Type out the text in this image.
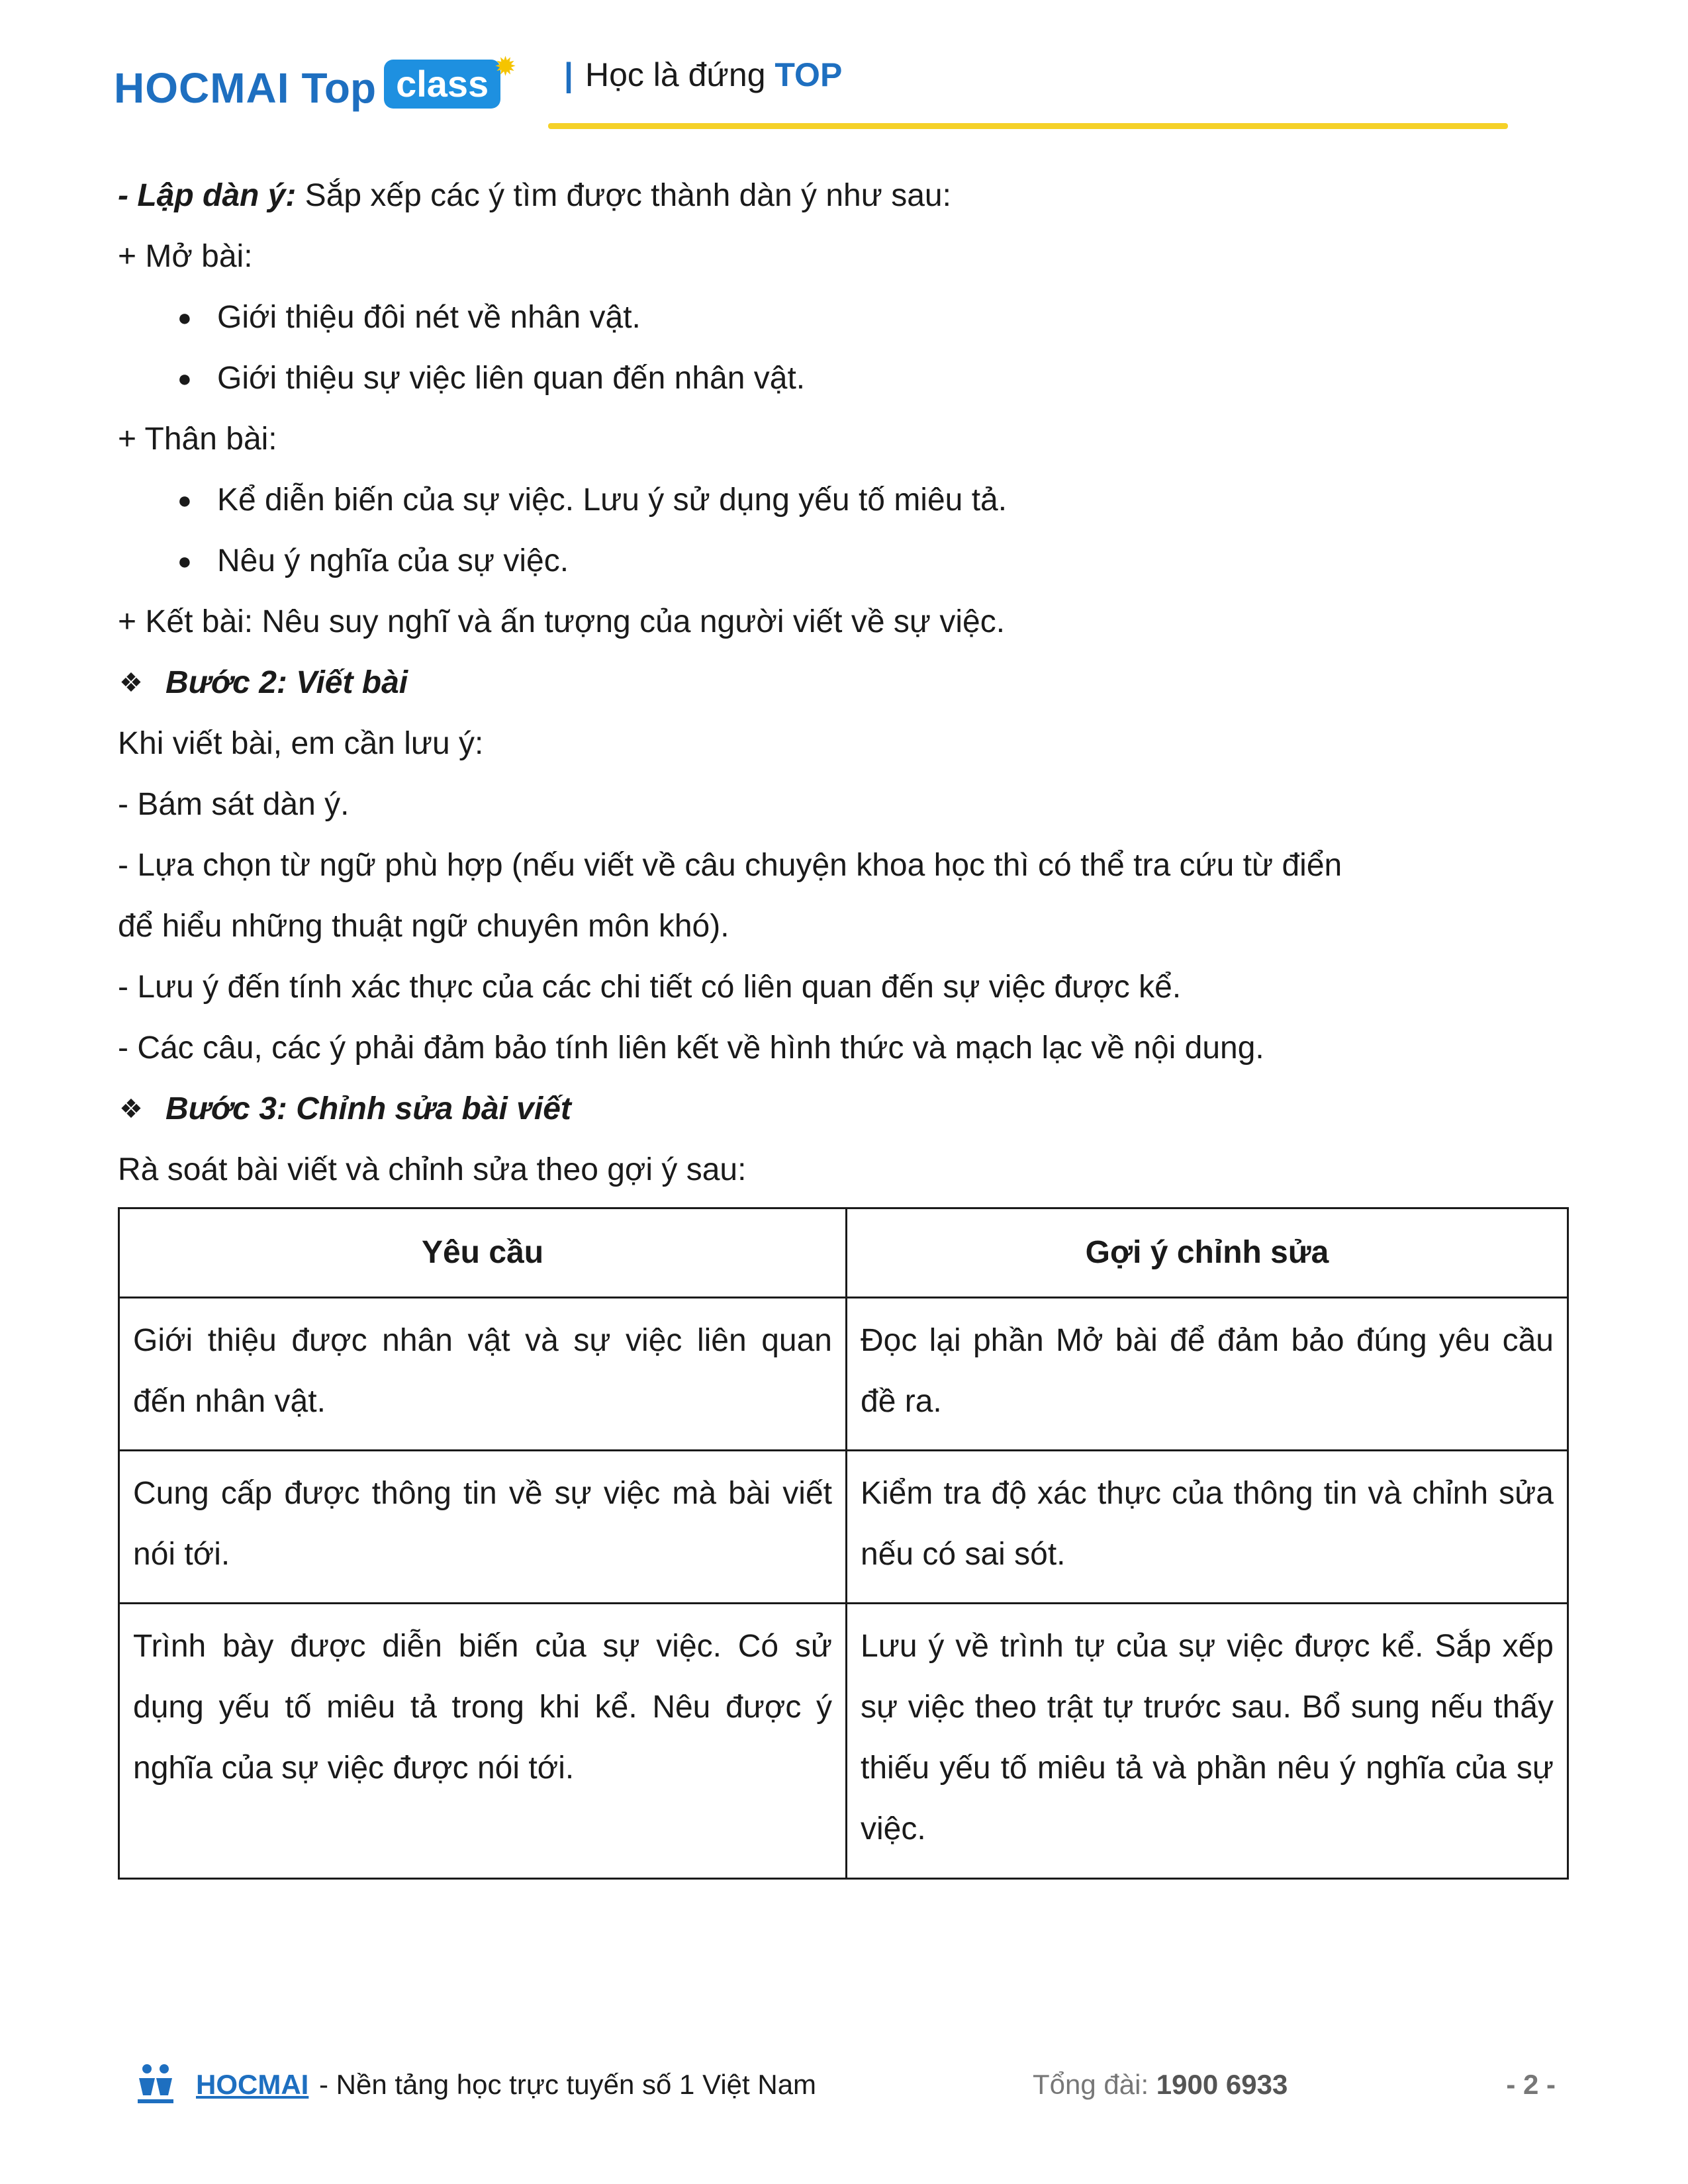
HOCMAI Top class ✹ | Học là đứng TOP

- Lập dàn ý: Sắp xếp các ý tìm được thành dàn ý như sau:

+ Mở bài:

● Giới thiệu đôi nét về nhân vật.

● Giới thiệu sự việc liên quan đến nhân vật.

+ Thân bài:

● Kể diễn biến của sự việc. Lưu ý sử dụng yếu tố miêu tả.

● Nêu ý nghĩa của sự việc.

+ Kết bài: Nêu suy nghĩ và ấn tượng của người viết về sự việc.

❖ Bước 2: Viết bài

Khi viết bài, em cần lưu ý:

- Bám sát dàn ý.

- Lựa chọn từ ngữ phù hợp (nếu viết về câu chuyện khoa học thì có thể tra cứu từ điển

để hiểu những thuật ngữ chuyên môn khó).

- Lưu ý đến tính xác thực của các chi tiết có liên quan đến sự việc được kể.

- Các câu, các ý phải đảm bảo tính liên kết về hình thức và mạch lạc về nội dung.

❖ Bước 3: Chỉnh sửa bài viết

Rà soát bài viết và chỉnh sửa theo gợi ý sau:

Yêu cầu	Gợi ý chỉnh sửa
Giới thiệu được nhân vật và sự việc liên quan đến nhân vật.	Đọc lại phần Mở bài để đảm bảo đúng yêu cầu đề ra.
Cung cấp được thông tin về sự việc mà bài viết nói tới.	Kiểm tra độ xác thực của thông tin và chỉnh sửa nếu có sai sót.
Trình bày được diễn biến của sự việc. Có sử dụng yếu tố miêu tả trong khi kể. Nêu được ý nghĩa của sự việc được nói tới.	Lưu ý về trình tự của sự việc được kể. Sắp xếp sự việc theo trật tự trước sau. Bổ sung nếu thấy thiếu yếu tố miêu tả và phần nêu ý nghĩa của sự việc.
HOCMAI - Nền tảng học trực tuyến số 1 Việt Nam	Tổng đài: 1900 6933	- 2 -
